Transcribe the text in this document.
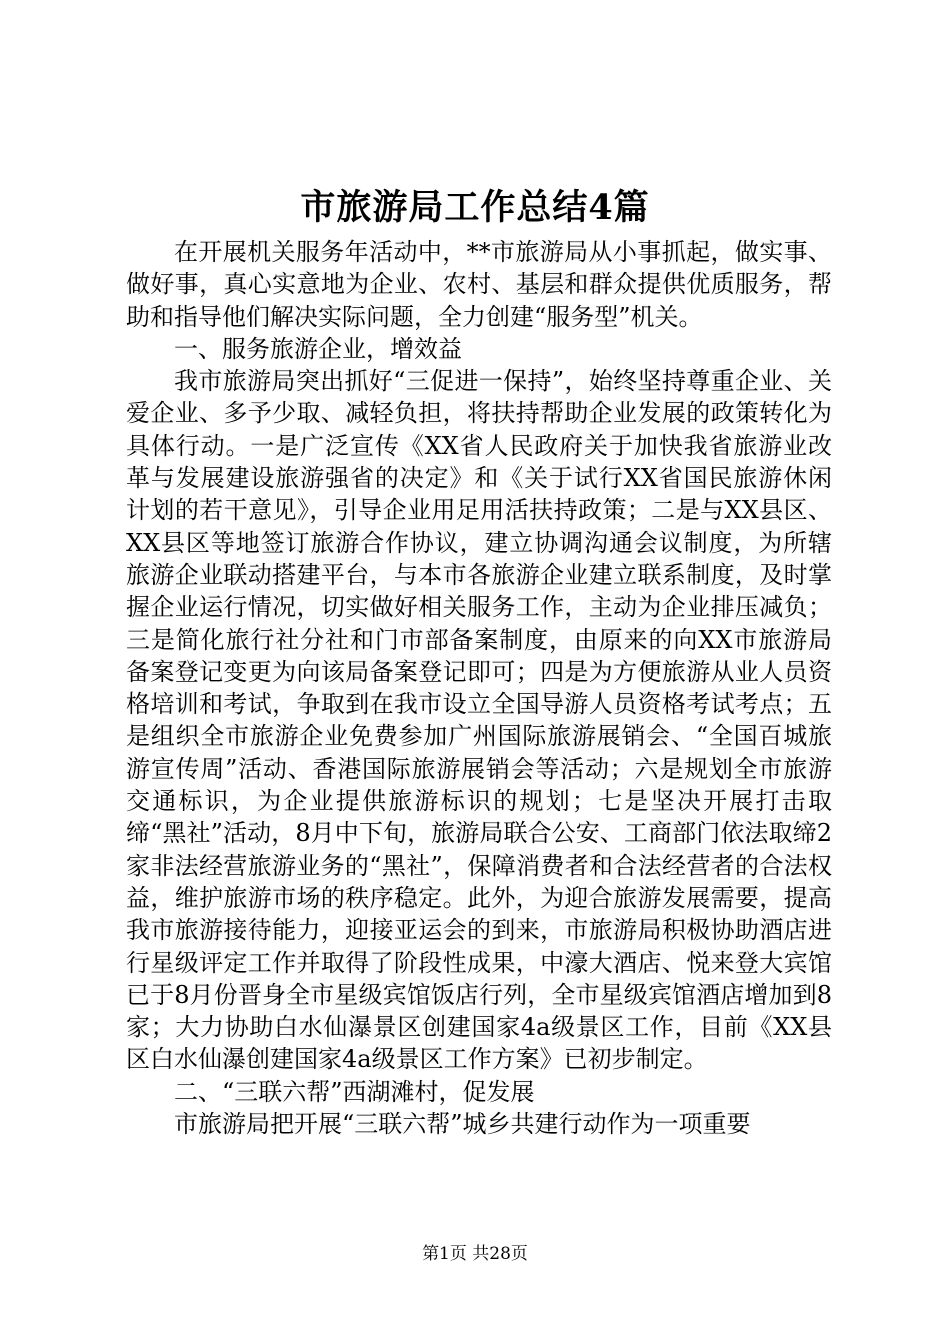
市旅游局工作总结4篇

在开展机关服务年活动中，**市旅游局从小事抓起，做实事、做好事，真心实意地为企业、农村、基层和群众提供优质服务，帮助和指导他们解决实际问题，全力创建“服务型”机关。

一、服务旅游企业，增效益

我市旅游局突出抓好“三促进一保持”，始终坚持尊重企业、关爱企业、多予少取、减轻负担，将扶持帮助企业发展的政策转化为具体行动。一是广泛宣传《XX省人民政府关于加快我省旅游业改革与发展建设旅游强省的决定》和《关于试行XX省国民旅游休闲计划的若干意见》，引导企业用足用活扶持政策；二是与XX县区、XX县区等地签订旅游合作协议，建立协调沟通会议制度，为所辖旅游企业联动搭建平台，与本市各旅游企业建立联系制度，及时掌握企业运行情况，切实做好相关服务工作，主动为企业排压减负；三是简化旅行社分社和门市部备案制度，由原来的向XX市旅游局备案登记变更为向该局备案登记即可；四是为方便旅游从业人员资格培训和考试，争取到在我市设立全国导游人员资格考试考点；五是组织全市旅游企业免费参加广州国际旅游展销会、“全国百城旅游宣传周”活动、香港国际旅游展销会等活动；六是规划全市旅游交通标识，为企业提供旅游标识的规划；七是坚决开展打击取缔“黑社”活动，8月中下旬，旅游局联合公安、工商部门依法取缔2家非法经营旅游业务的“黑社”，保障消费者和合法经营者的合法权益，维护旅游市场的秩序稳定。此外，为迎合旅游发展需要，提高我市旅游接待能力，迎接亚运会的到来，市旅游局积极协助酒店进行星级评定工作并取得了阶段性成果，中濠大酒店、悦来登大宾馆已于8月份晋身全市星级宾馆饭店行列，全市星级宾馆酒店增加到8家；大力协助白水仙瀑景区创建国家4a级景区工作，目前《XX县区白水仙瀑创建国家4a级景区工作方案》已初步制定。

二、“三联六帮”西湖滩村，促发展

市旅游局把开展“三联六帮”城乡共建行动作为一项重要

第1页 共28页
